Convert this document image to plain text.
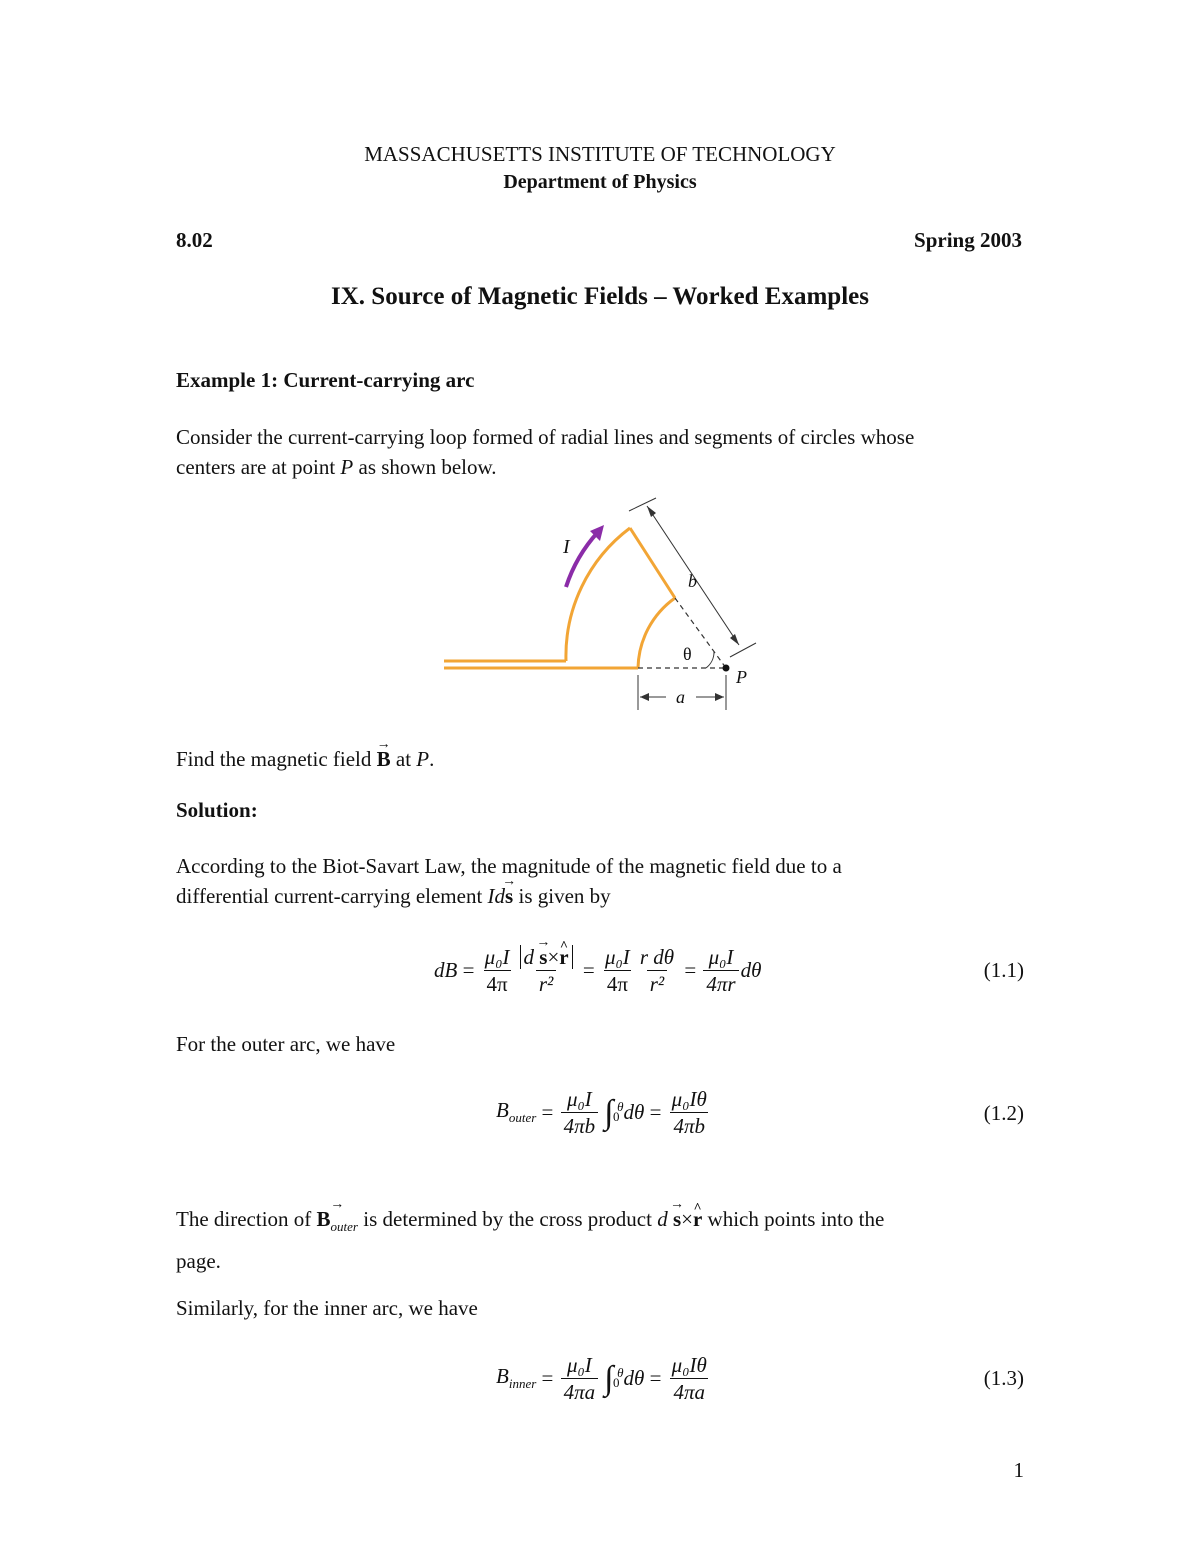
MASSACHUSETTS INSTITUTE OF TECHNOLOGY
Department of Physics
8.02	Spring 2003
IX. Source of Magnetic Fields – Worked Examples
Example 1: Current-carrying arc
Consider the current-carrying loop formed of radial lines and segments of circles whose
centers are at point P as shown below.
I
b
θ
P
a
Find the magnetic field → B at P.
Solution:
According to the Biot-Savart Law, the magnitude of the magnetic field due to a
differential current-carrying element Id→ s is given by
dB = $\frac{\text{μ₀I}}{4\pi} \frac{d \to s\times\^{} r}{\text{r²}} = \frac{\text{μ₀I}}{4\pi} \frac{\text{r dθ}}{\text{r²}} = \frac{\text{μ₀I}}{4\pi r}$ dθ	(1.1)
For the outer arc, we have
$B_{outer} = \frac{\text{μ₀I}}{4\pi b}$ ∫ θ
0 $d\theta = \frac{\text{μ₀Iθ}}{4\pi b}$	(1.2)
The direction of → $B_{outer}$ is determined by the cross product d → s×^ r which points into the
page.
Similarly, for the inner arc, we have
$B_{inner} = \frac{\text{μ₀I}}{4\pi a}$ ∫ θ
0 $d\theta = \frac{\text{μ₀Iθ}}{4\pi a}$	(1.3)
1
